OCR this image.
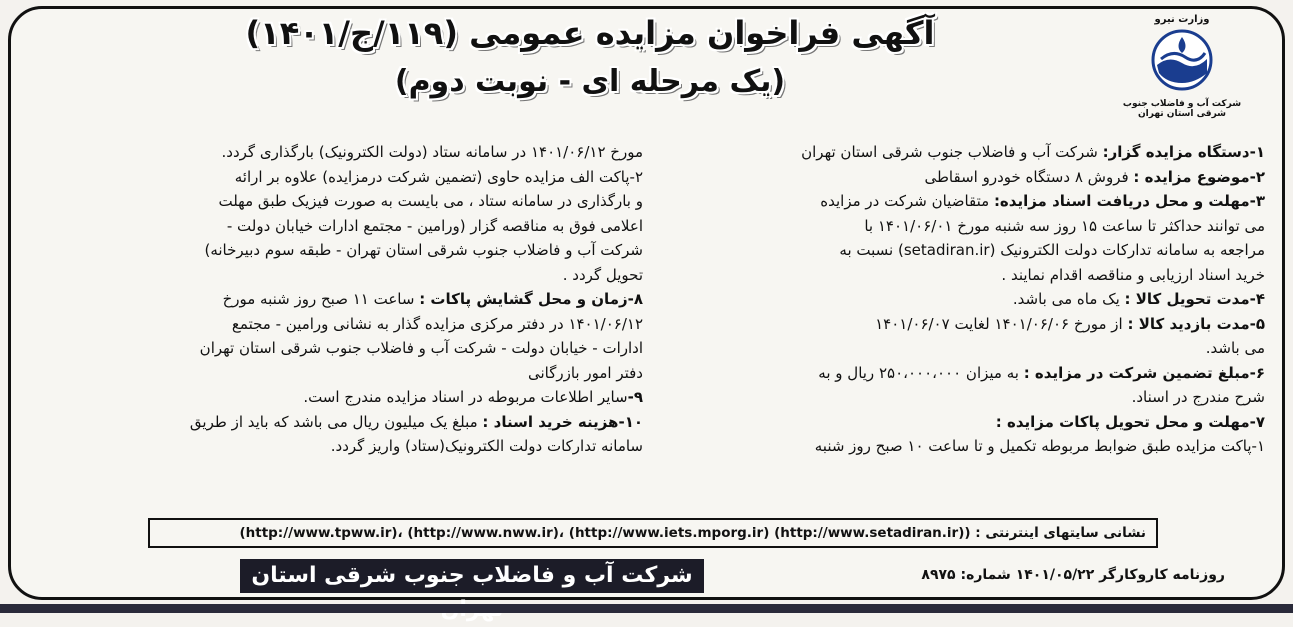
وزارت نیرو
شرکت آب و فاضلاب جنوب شرقی استان تهران
آگهی فراخوان مزایده عمومی (۱۱۹/ج/۱۴۰۱)
(یک مرحله ای - نوبت دوم)
۱-دستگاه مزایده گزار: شرکت آب و فاضلاب جنوب شرقی استان تهران
۲-موضوع مزایده : فروش ۸ دستگاه خودرو اسقاطی
۳-مهلت و محل دریافت اسناد مزایده: متقاضیان شرکت در مزایده
می توانند حداکثر تا ساعت ۱۵ روز سه شنبه مورخ ۱۴۰۱/۰۶/۰۱ با
مراجعه به سامانه تدارکات دولت الکترونیک (setadiran.ir) نسبت به
خرید اسناد ارزیابی و مناقصه اقدام نمایند .
۴-مدت تحویل کالا : یک ماه می باشد.
۵-مدت بازدید کالا : از مورخ ۱۴۰۱/۰۶/۰۶ لغایت ۱۴۰۱/۰۶/۰۷
می باشد.
۶-مبلغ تضمین شرکت در مزایده : به میزان ۲۵۰،۰۰۰،۰۰۰ ریال و به
شرح مندرج در اسناد.
۷-مهلت و محل تحویل پاکات مزایده :
۱-پاکت مزایده طبق ضوابط مربوطه تکمیل و تا ساعت ۱۰ صبح روز شنبه
مورخ ۱۴۰۱/۰۶/۱۲ در سامانه ستاد (دولت الکترونیک) بارگذاری گردد.
۲-پاکت الف مزایده حاوی (تضمین شرکت درمزایده) علاوه بر ارائه
و بارگذاری در سامانه ستاد ، می بایست به صورت فیزیک طبق مهلت
اعلامی فوق به مناقصه گزار (ورامین - مجتمع ادارات خیابان دولت -
شرکت آب و فاضلاب جنوب شرقی استان تهران - طبقه سوم دبیرخانه)
تحویل گردد .
۸-زمان و محل گشایش پاکات : ساعت ۱۱ صبح روز شنبه مورخ
۱۴۰۱/۰۶/۱۲ در دفتر مرکزی مزایده گذار به نشانی ورامین - مجتمع
ادارات - خیابان دولت - شرکت آب و فاضلاب جنوب شرقی استان تهران
دفتر امور بازرگانی
۹-سایر اطلاعات مربوطه در اسناد مزایده مندرج است.
۱۰-هزینه خرید اسناد : مبلغ یک میلیون ریال می باشد که باید از طریق
سامانه تدارکات دولت الکترونیک(ستاد) واریز گردد.
نشانی سایتهای اینترنتی : ((http://www.setadiran.ir) (http://www.iets.mporg.ir) ،(http://www.nww.ir) ،(http://www.tpww.ir)
روزنامه کاروکارگر ۱۴۰۱/۰۵/۲۲ شماره: ۸۹۷۵
شرکت آب و فاضلاب جنوب شرقی استان
